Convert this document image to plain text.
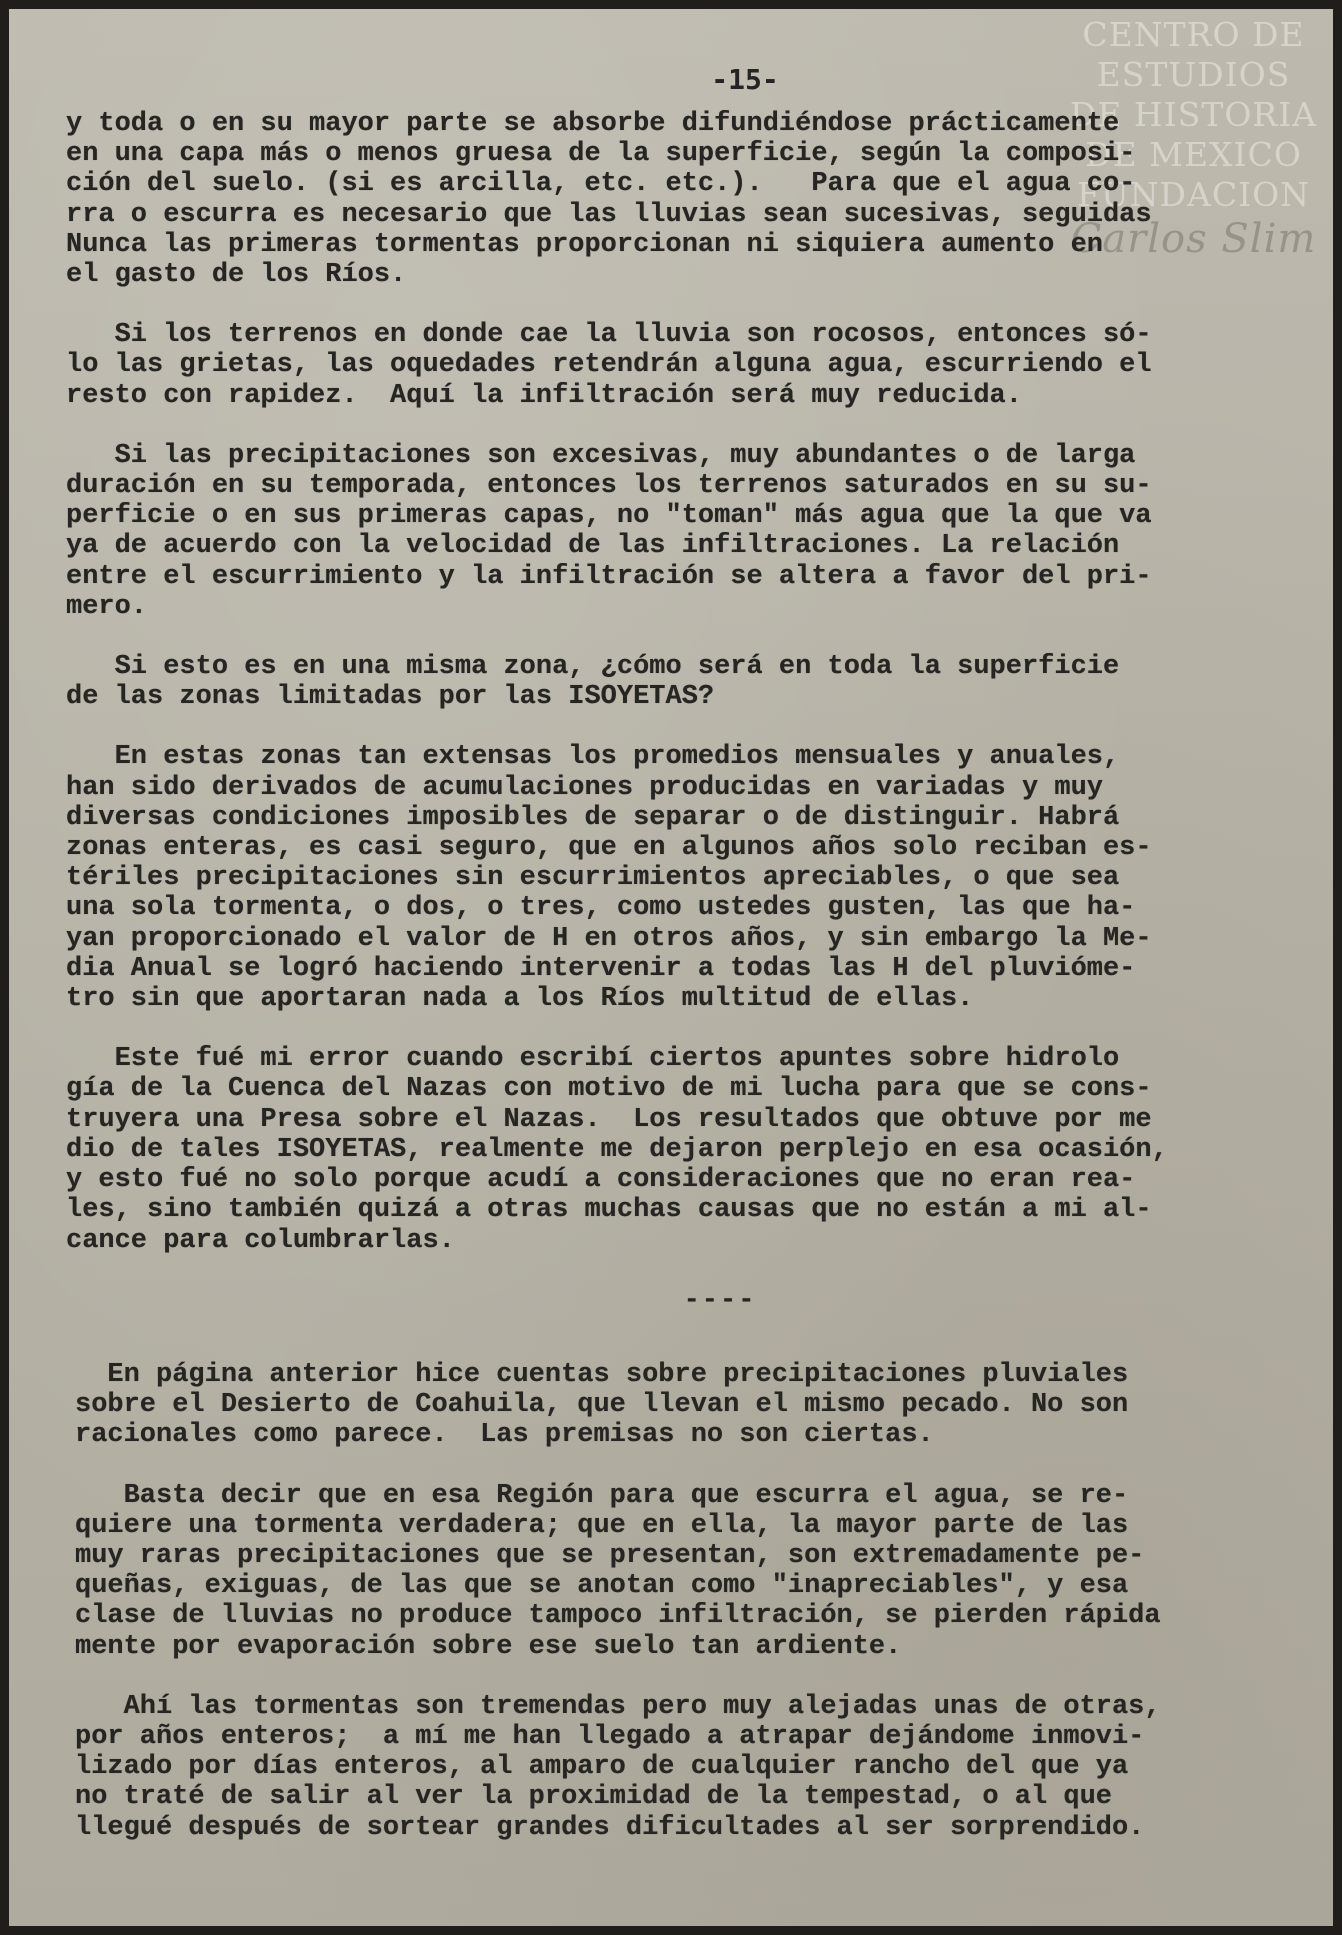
CENTRO DE
ESTUDIOS
DE HISTORIA
DE MEXICO
FUNDACION
Carlos Slim
-15-
y toda o en su mayor parte se absorbe difundiéndose prácticamente
en una capa más o menos gruesa de la superficie, según la composi-
ción del suelo. (si es arcilla, etc. etc.).   Para que el agua co-
rra o escurra es necesario que las lluvias sean sucesivas, seguidas
Nunca las primeras tormentas proporcionan ni siquiera aumento en
el gasto de los Ríos.
Si los terrenos en donde cae la lluvia son rocosos, entonces só-
lo las grietas, las oquedades retendrán alguna agua, escurriendo el
resto con rapidez.  Aquí la infiltración será muy reducida.
Si las precipitaciones son excesivas, muy abundantes o de larga
duración en su temporada, entonces los terrenos saturados en su su-
perficie o en sus primeras capas, no "toman" más agua que la que va
ya de acuerdo con la velocidad de las infiltraciones. La relación
entre el escurrimiento y la infiltración se altera a favor del pri-
mero.
Si esto es en una misma zona, ¿cómo será en toda la superficie
de las zonas limitadas por las ISOYETAS?
En estas zonas tan extensas los promedios mensuales y anuales,
han sido derivados de acumulaciones producidas en variadas y muy
diversas condiciones imposibles de separar o de distinguir. Habrá
zonas enteras, es casi seguro, que en algunos años solo reciban es-
tériles precipitaciones sin escurrimientos apreciables, o que sea
una sola tormenta, o dos, o tres, como ustedes gusten, las que ha-
yan proporcionado el valor de H en otros años, y sin embargo la Me-
dia Anual se logró haciendo intervenir a todas las H del pluvióme-
tro sin que aportaran nada a los Ríos multitud de ellas.
Este fué mi error cuando escribí ciertos apuntes sobre hidrolo
gía de la Cuenca del Nazas con motivo de mi lucha para que se cons-
truyera una Presa sobre el Nazas.  Los resultados que obtuve por me
dio de tales ISOYETAS, realmente me dejaron perplejo en esa ocasión,
y esto fué no solo porque acudí a consideraciones que no eran rea-
les, sino también quizá a otras muchas causas que no están a mi al-
cance para columbrarlas.
----
En página anterior hice cuentas sobre precipitaciones pluviales
sobre el Desierto de Coahuila, que llevan el mismo pecado. No son
racionales como parece.  Las premisas no son ciertas.
Basta decir que en esa Región para que escurra el agua, se re-
quiere una tormenta verdadera; que en ella, la mayor parte de las
muy raras precipitaciones que se presentan, son extremadamente pe-
queñas, exiguas, de las que se anotan como "inapreciables", y esa
clase de lluvias no produce tampoco infiltración, se pierden rápida
mente por evaporación sobre ese suelo tan ardiente.
Ahí las tormentas son tremendas pero muy alejadas unas de otras,
por años enteros;  a mí me han llegado a atrapar dejándome inmovi-
lizado por días enteros, al amparo de cualquier rancho del que ya
no traté de salir al ver la proximidad de la tempestad, o al que
llegué después de sortear grandes dificultades al ser sorprendido.
